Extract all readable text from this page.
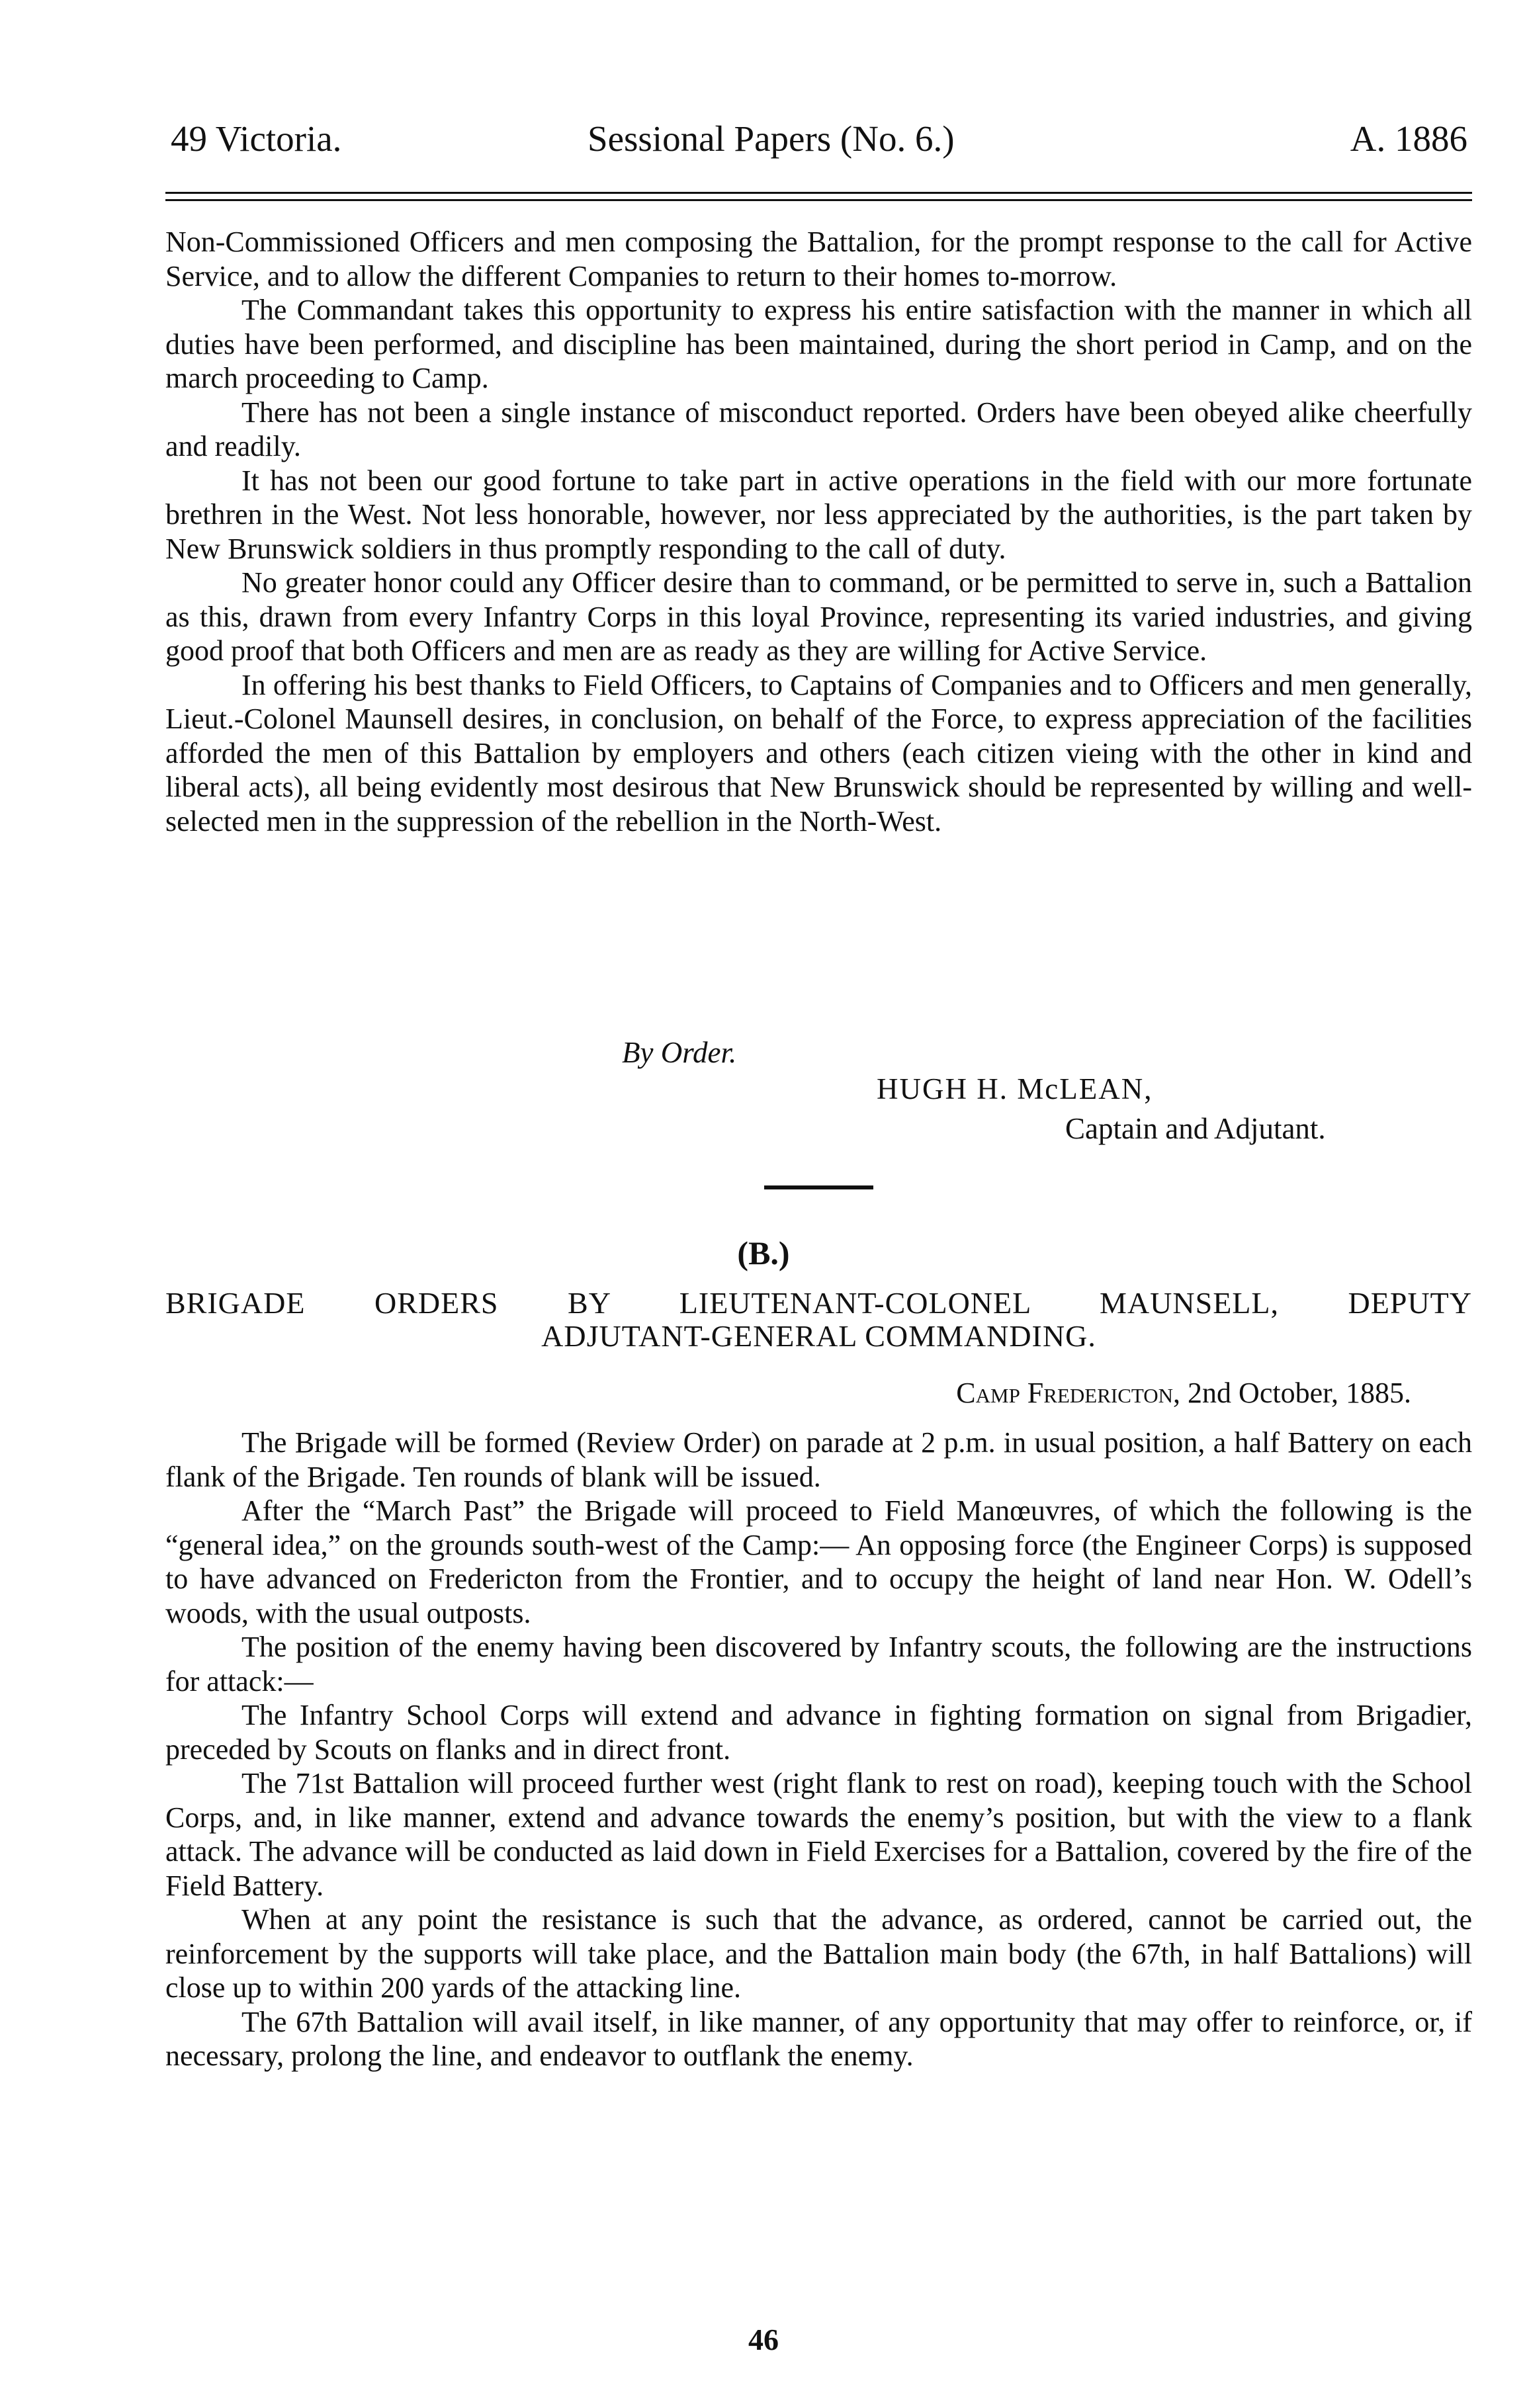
49 Victoria.	Sessional Papers (No. 6.)	A. 1886

Non-Commissioned Officers and men composing the Battalion, for the prompt response to the call for Active Service, and to allow the different Companies to return to their homes to-morrow.

The Commandant takes this opportunity to express his entire satisfaction with the manner in which all duties have been performed, and discipline has been maintained, during the short period in Camp, and on the march proceeding to Camp.

There has not been a single instance of misconduct reported. Orders have been obeyed alike cheerfully and readily.

It has not been our good fortune to take part in active operations in the field with our more fortunate brethren in the West. Not less honorable, however, nor less appreciated by the authorities, is the part taken by New Brunswick soldiers in thus promptly responding to the call of duty.

No greater honor could any Officer desire than to command, or be permitted to serve in, such a Battalion as this, drawn from every Infantry Corps in this loyal Province, representing its varied industries, and giving good proof that both Officers and men are as ready as they are willing for Active Service.

In offering his best thanks to Field Officers, to Captains of Companies and to Officers and men generally, Lieut.-Colonel Maunsell desires, in conclusion, on behalf of the Force, to express appreciation of the facilities afforded the men of this Battalion by employers and others (each citizen vieing with the other in kind and liberal acts), all being evidently most desirous that New Brunswick should be represented by willing and well-selected men in the suppression of the rebellion in the North-West.

By Order.
HUGH H. McLEAN,
Captain and Adjutant.
(B.)
BRIGADE ORDERS BY LIEUTENANT-COLONEL MAUNSELL, DEPUTY
ADJUTANT-GENERAL COMMANDING.
Camp Fredericton, 2nd October, 1885.

The Brigade will be formed (Review Order) on parade at 2 p.m. in usual position, a half Battery on each flank of the Brigade. Ten rounds of blank will be issued.

After the “March Past” the Brigade will proceed to Field Manœuvres, of which the following is the “general idea,” on the grounds south-west of the Camp:— An opposing force (the Engineer Corps) is supposed to have advanced on Fredericton from the Frontier, and to occupy the height of land near Hon. W. Odell’s woods, with the usual outposts.

The position of the enemy having been discovered by Infantry scouts, the following are the instructions for attack:—

The Infantry School Corps will extend and advance in fighting formation on signal from Brigadier, preceded by Scouts on flanks and in direct front.

The 71st Battalion will proceed further west (right flank to rest on road), keeping touch with the School Corps, and, in like manner, extend and advance towards the enemy’s position, but with the view to a flank attack. The advance will be conducted as laid down in Field Exercises for a Battalion, covered by the fire of the Field Battery.

When at any point the resistance is such that the advance, as ordered, cannot be carried out, the reinforcement by the supports will take place, and the Battalion main body (the 67th, in half Battalions) will close up to within 200 yards of the attacking line.

The 67th Battalion will avail itself, in like manner, of any opportunity that may offer to reinforce, or, if necessary, prolong the line, and endeavor to outflank the enemy.

46
